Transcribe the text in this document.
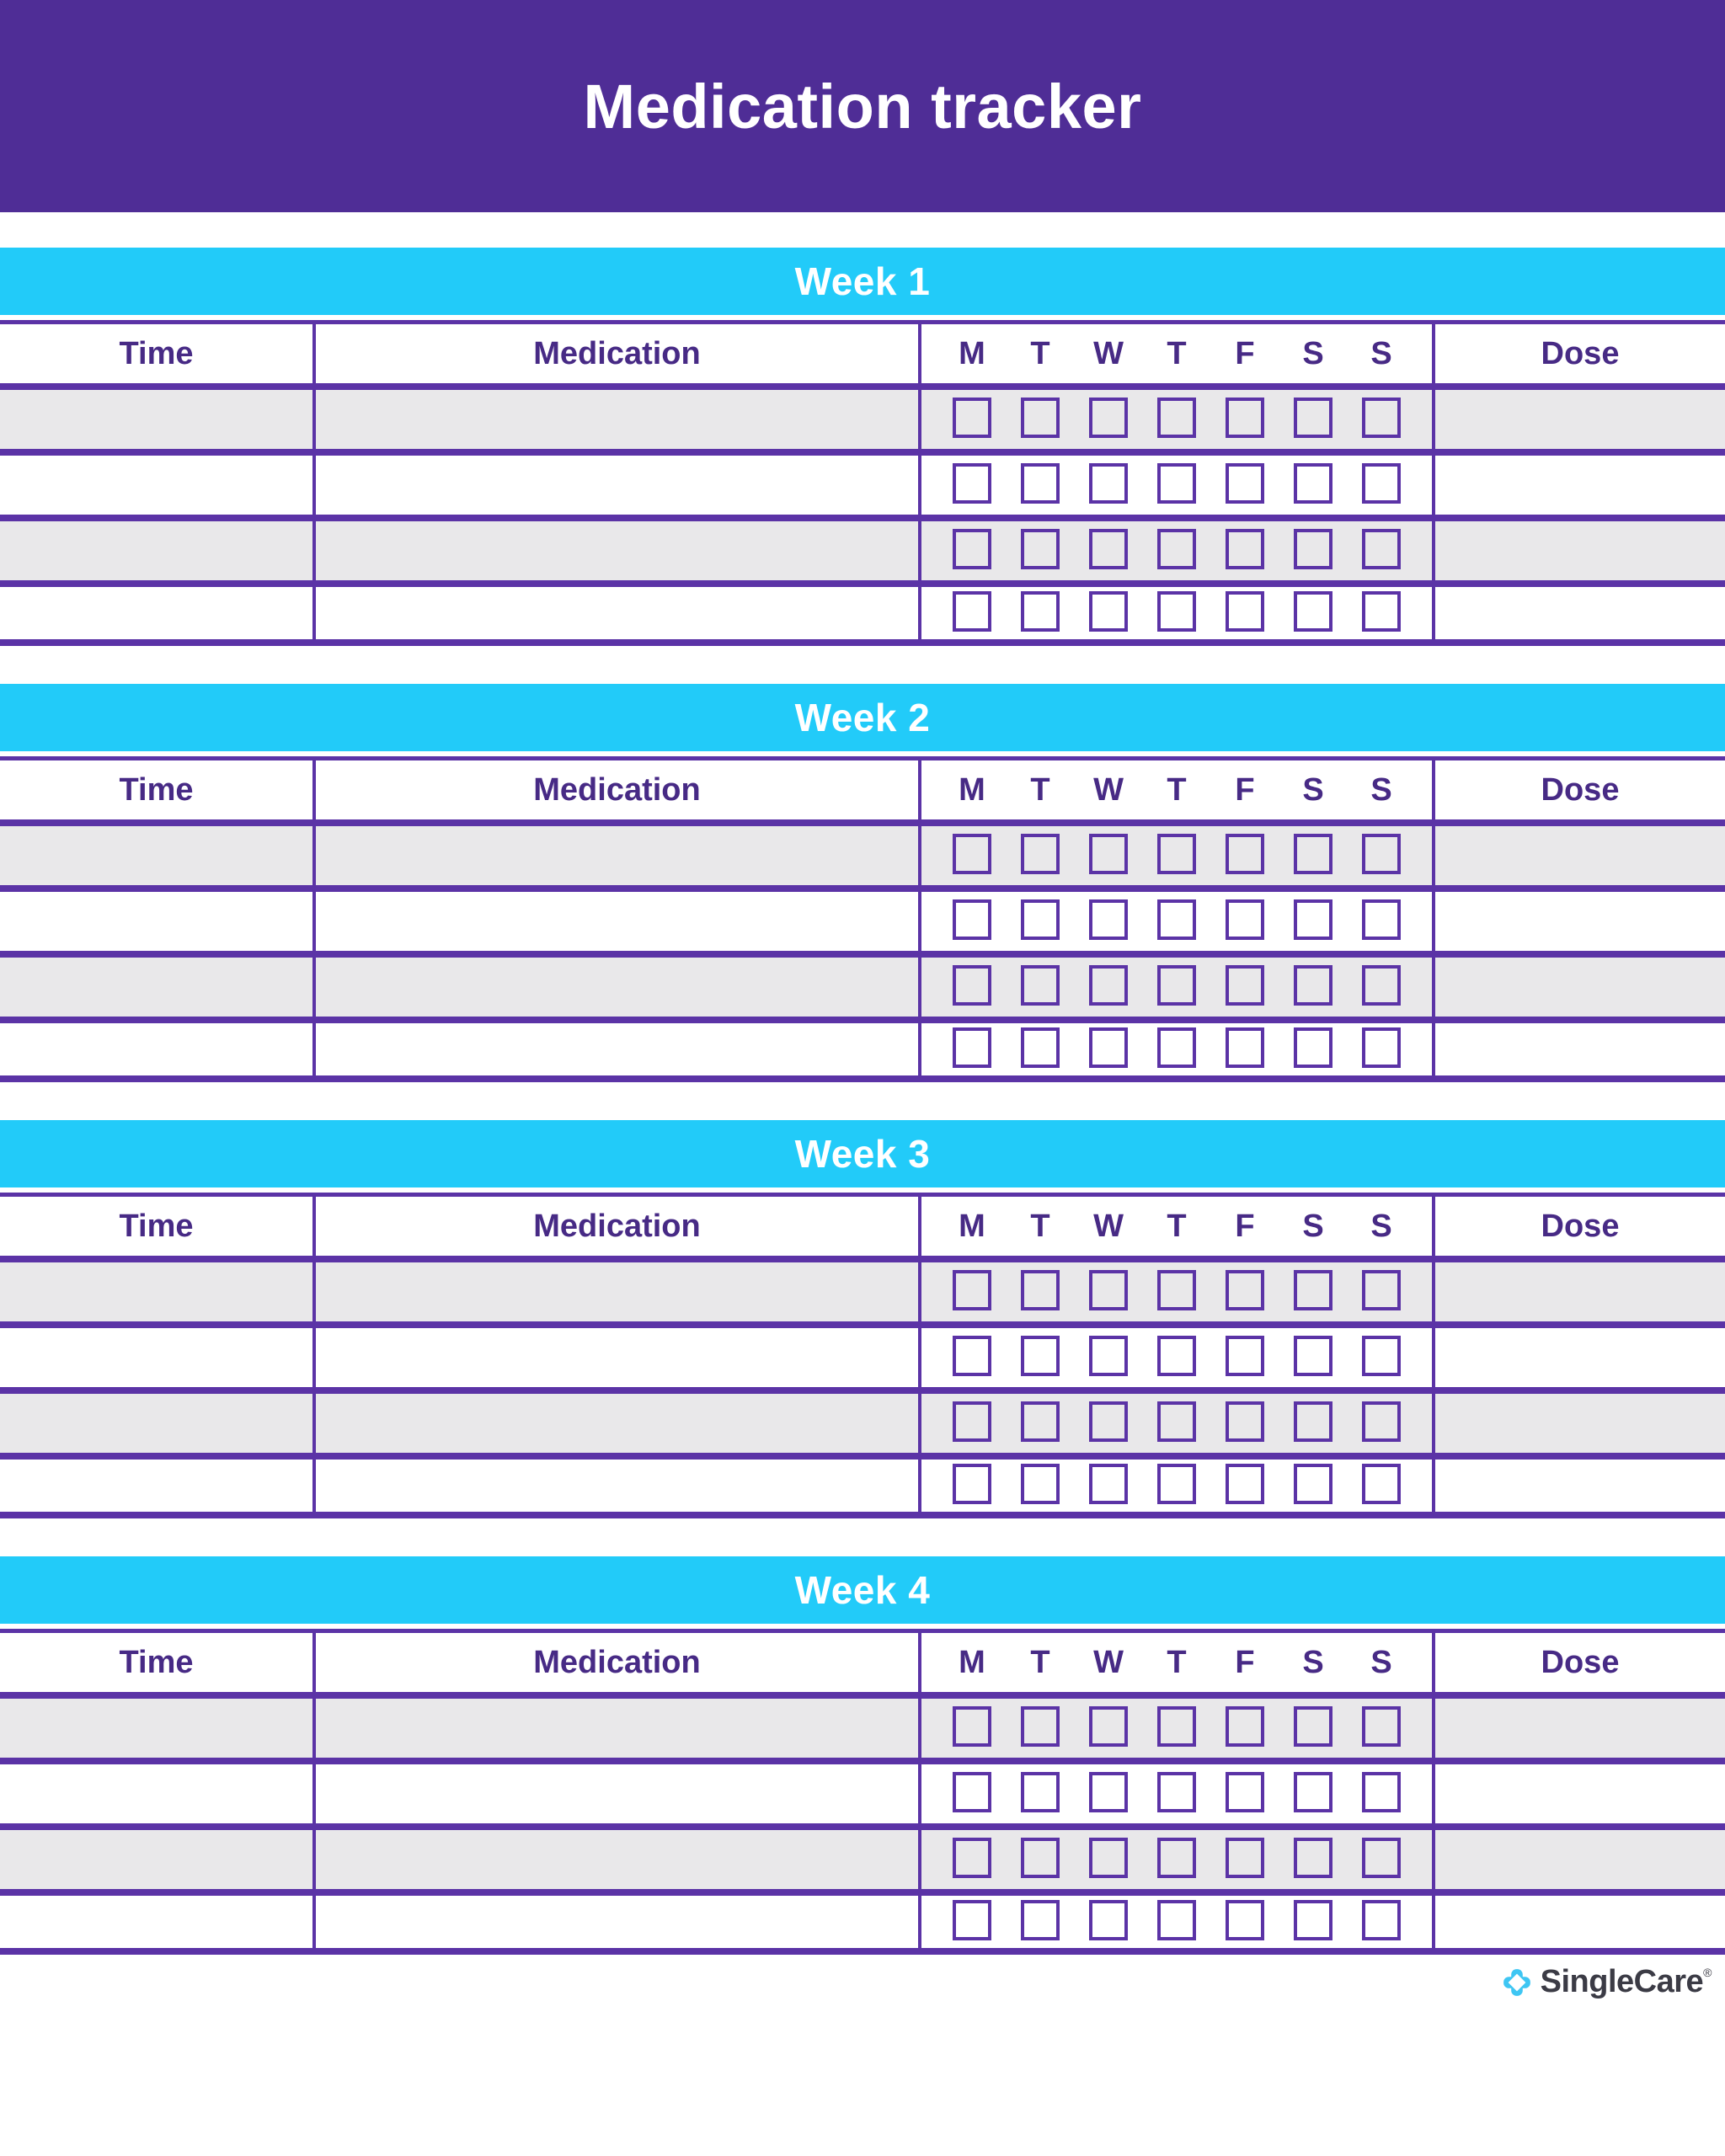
Medication tracker
Week 1
Time	Medication	M	T	W	T	F	S	S	Dose
Week 2
Time	Medication	M	T	W	T	F	S	S	Dose
Week 3
Time	Medication	M	T	W	T	F	S	S	Dose
Week 4
Time	Medication	M	T	W	T	F	S	S	Dose
SingleCare®
